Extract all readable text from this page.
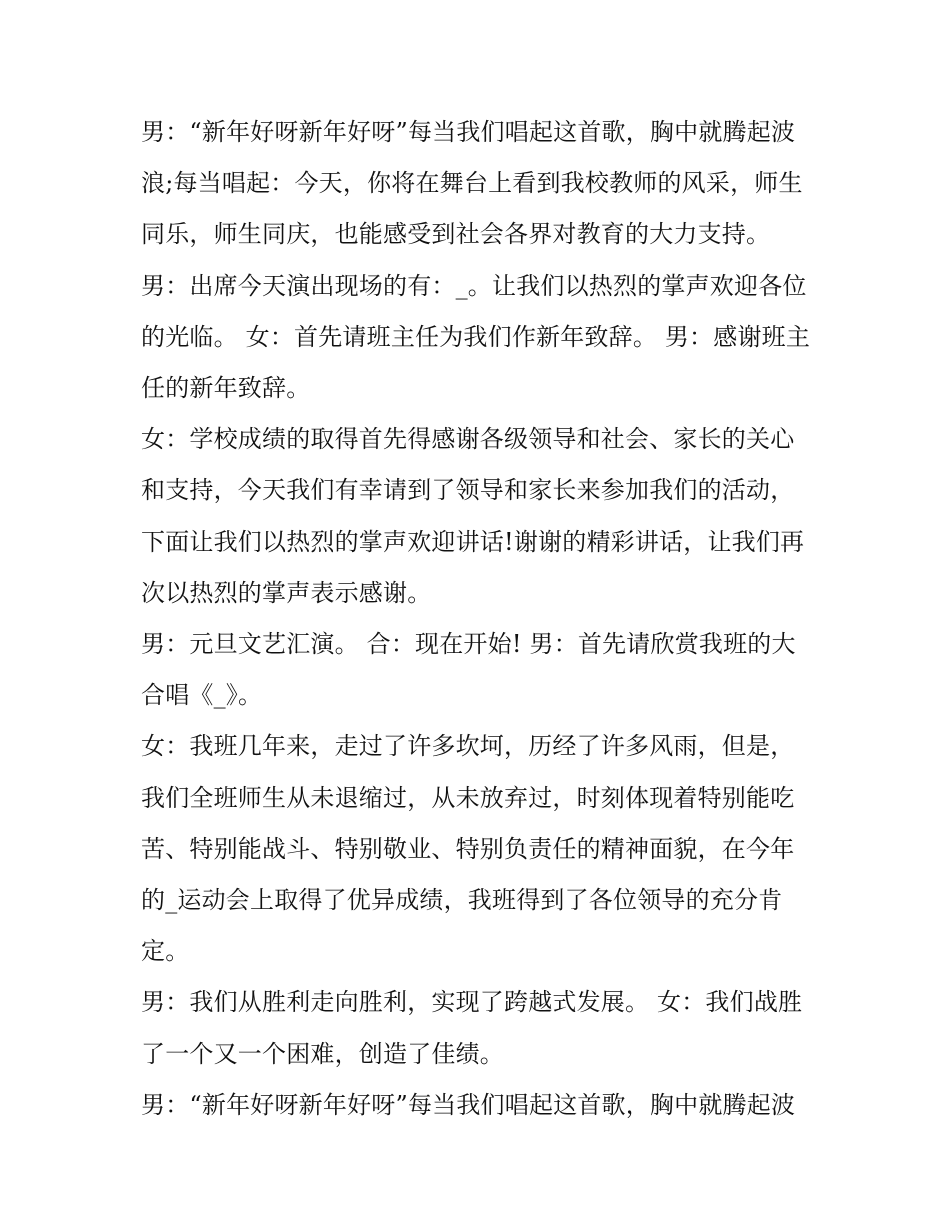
男：“新年好呀新年好呀”每当我们唱起这首歌，胸中就腾起波浪;每当唱起：今天，你将在舞台上看到我校教师的风采，师生同乐，师生同庆，也能感受到社会各界对教育的大力支持。

男：出席今天演出现场的有：_。让我们以热烈的掌声欢迎各位的光临。 女：首先请班主任为我们作新年致辞。 男：感谢班主任的新年致辞。

女：学校成绩的取得首先得感谢各级领导和社会、家长的关心和支持，今天我们有幸请到了领导和家长来参加我们的活动，下面让我们以热烈的掌声欢迎讲话!谢谢的精彩讲话，让我们再次以热烈的掌声表示感谢。

男：元旦文艺汇演。 合：现在开始! 男：首先请欣赏我班的大合唱《_》。

女：我班几年来，走过了许多坎坷，历经了许多风雨，但是，我们全班师生从未退缩过，从未放弃过，时刻体现着特别能吃苦、特别能战斗、特别敬业、特别负责任的精神面貌，在今年的_运动会上取得了优异成绩，我班得到了各位领导的充分肯定。

男：我们从胜利走向胜利，实现了跨越式发展。 女：我们战胜了一个又一个困难，创造了佳绩。

男：“新年好呀新年好呀”每当我们唱起这首歌，胸中就腾起波
